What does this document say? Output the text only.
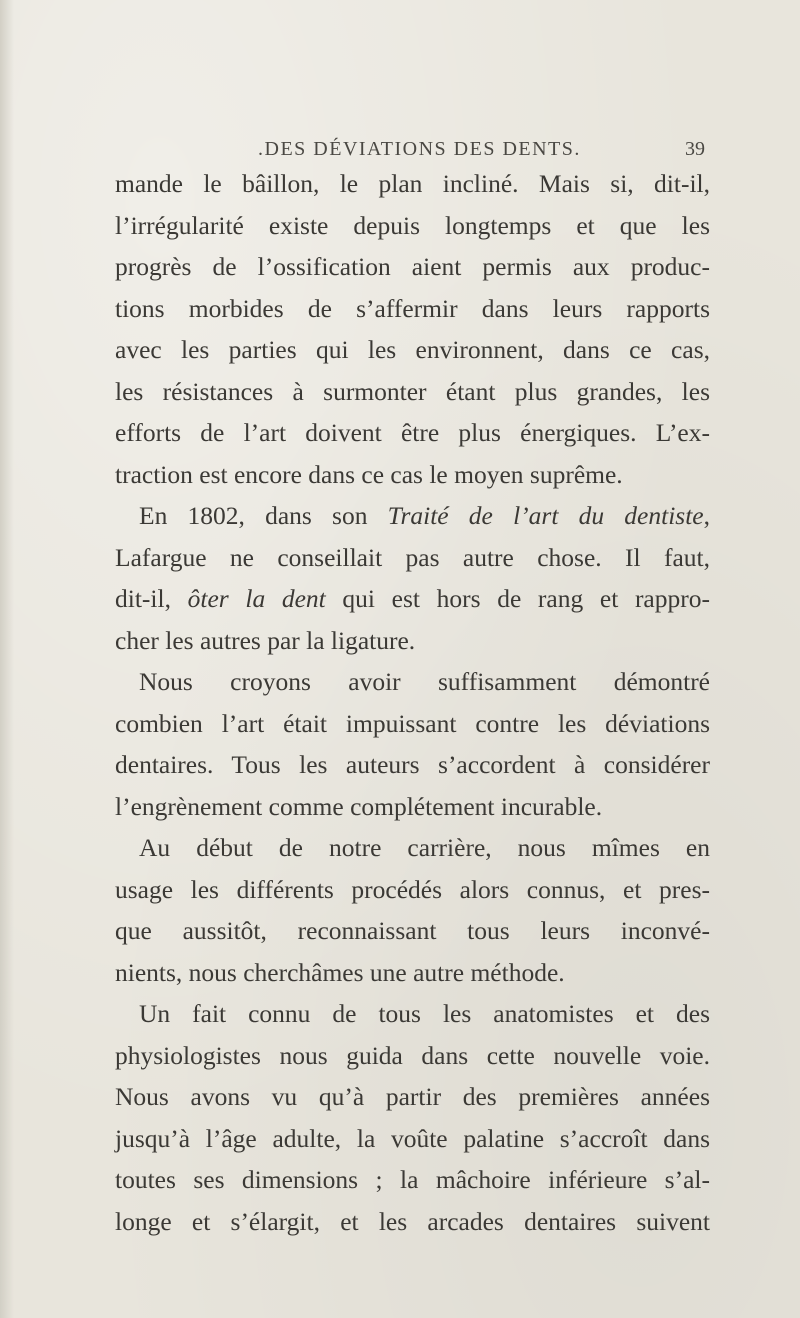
.DES DÉVIATIONS DES DENTS.	39
mande le bâillon, le plan incliné. Mais si, dit-il,
l’irrégularité existe depuis longtemps et que les
progrès de l’ossification aient permis aux produc-
tions morbides de s’affermir dans leurs rapports
avec les parties qui les environnent, dans ce cas,
les résistances à surmonter étant plus grandes, les
efforts de l’art doivent être plus énergiques. L’ex-
traction est encore dans ce cas le moyen suprême.
En 1802, dans son Traité de l’art du dentiste,
Lafargue ne conseillait pas autre chose. Il faut,
dit-il, ôter la dent qui est hors de rang et rappro-
cher les autres par la ligature.
Nous croyons avoir suffisamment démontré
combien l’art était impuissant contre les déviations
dentaires. Tous les auteurs s’accordent à considérer
l’engrènement comme complétement incurable.
Au début de notre carrière, nous mîmes en
usage les différents procédés alors connus, et pres-
que aussitôt, reconnaissant tous leurs inconvé-
nients, nous cherchâmes une autre méthode.
Un fait connu de tous les anatomistes et des
physiologistes nous guida dans cette nouvelle voie.
Nous avons vu qu’à partir des premières années
jusqu’à l’âge adulte, la voûte palatine s’accroît dans
toutes ses dimensions ; la mâchoire inférieure s’al-
longe et s’élargit, et les arcades dentaires suivent
